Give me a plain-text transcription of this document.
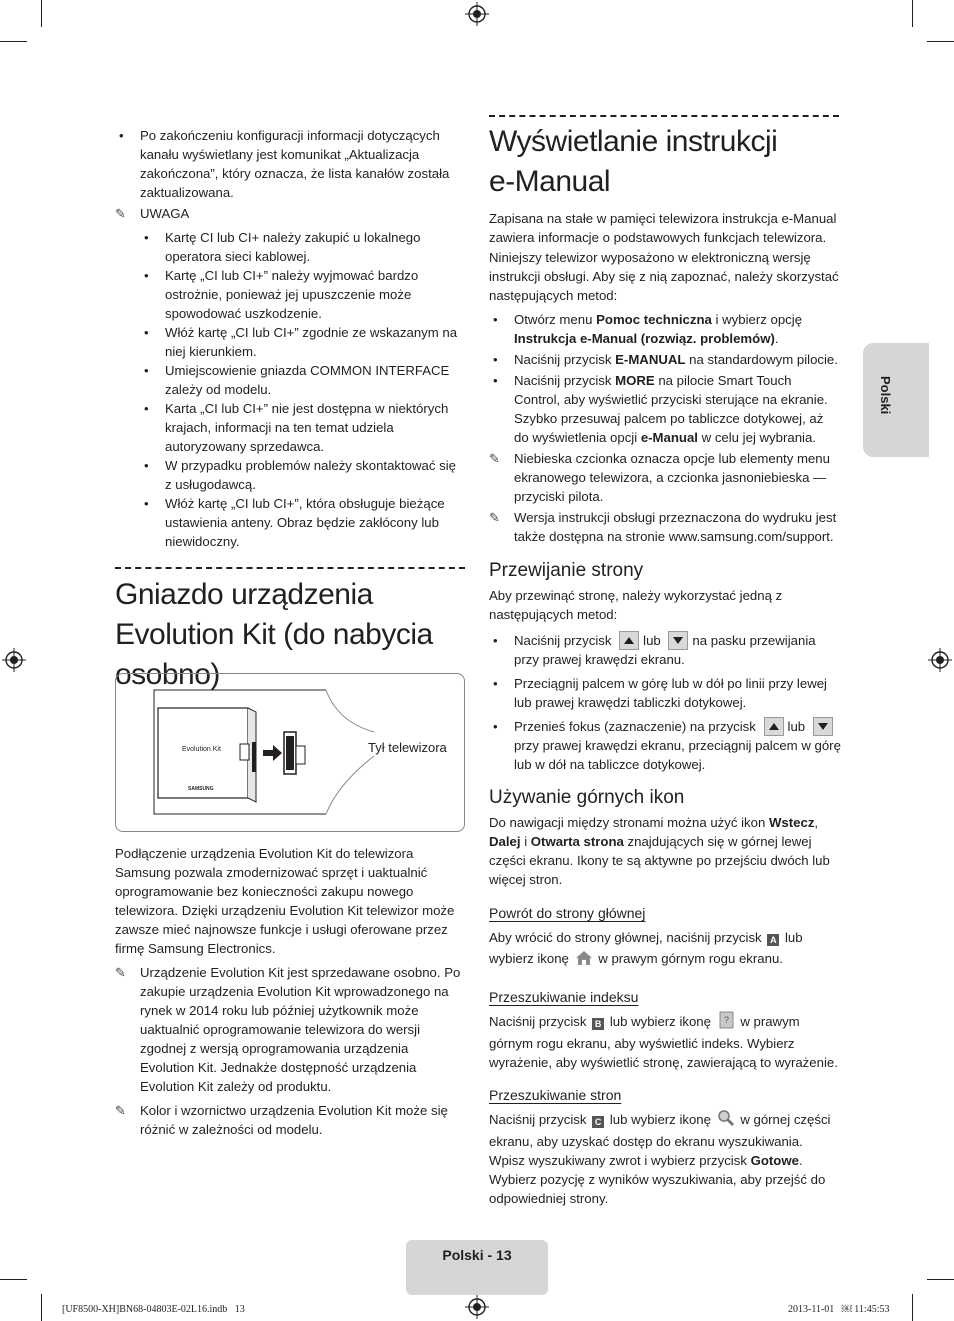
• Po zakończeniu konfiguracji informacji dotyczących kanału wyświetlany jest komunikat „Aktualizacja zakończona”, który oznacza, że lista kanałów została zaktualizowana.
✎ UWAGA
• Kartę CI lub CI+ należy zakupić u lokalnego operatora sieci kablowej.
• Kartę „CI lub CI+” należy wyjmować bardzo ostrożnie, ponieważ jej upuszczenie może spowodować uszkodzenie.
• Włóż kartę „CI lub CI+” zgodnie ze wskazanym na niej kierunkiem.
• Umiejscowienie gniazda COMMON INTERFACE zależy od modelu.
• Karta „CI lub CI+” nie jest dostępna w niektórych krajach, informacji na ten temat udziela autoryzowany sprzedawca.
• W przypadku problemów należy skontaktować się z usługodawcą.
• Włóż kartę „CI lub CI+”, która obsługuje bieżące ustawienia anteny. Obraz będzie zakłócony lub niewidoczny.
Gniazdo urządzenia Evolution Kit (do nabycia osobno)
Evolution Kit
SAMSUNG
Tył telewizora

Podłączenie urządzenia Evolution Kit do telewizora Samsung pozwala zmodernizować sprzęt i uaktualnić oprogramowanie bez konieczności zakupu nowego telewizora. Dzięki urządzeniu Evolution Kit telewizor może zawsze mieć najnowsze funkcje i usługi oferowane przez firmę Samsung Electronics.

✎ Urządzenie Evolution Kit jest sprzedawane osobno. Po zakupie urządzenia Evolution Kit wprowadzonego na rynek w 2014 roku lub później użytkownik może uaktualnić oprogramowanie telewizora do wersji zgodnej z wersją oprogramowania urządzenia Evolution Kit. Jednakże dostępność urządzenia Evolution Kit zależy od produktu.
✎ Kolor i wzornictwo urządzenia Evolution Kit może się różnić w zależności od modelu.
Wyświetlanie instrukcji e-Manual

Zapisana na stałe w pamięci telewizora instrukcja e-Manual zawiera informacje o podstawowych funkcjach telewizora.

Niniejszy telewizor wyposażono w elektroniczną wersję instrukcji obsługi. Aby się z nią zapoznać, należy skorzystać następujących metod:

• Otwórz menu Pomoc techniczna i wybierz opcję Instrukcja e-Manual (rozwiąz. problemów).
• Naciśnij przycisk E-MANUAL na standardowym pilocie.
• Naciśnij przycisk MORE na pilocie Smart Touch Control, aby wyświetlić przyciski sterujące na ekranie. Szybko przesuwaj palcem po tabliczce dotykowej, aż do wyświetlenia opcji e-Manual w celu jej wybrania.
✎ Niebieska czcionka oznacza opcje lub elementy menu ekranowego telewizora, a czcionka jasnoniebieska — przyciski pilota.
✎ Wersja instrukcji obsługi przeznaczona do wydruku jest także dostępna na stronie www.samsung.com/support.
Przewijanie strony

Aby przewinąć stronę, należy wykorzystać jedną z następujących metod:

• Naciśnij przycisk lub na pasku przewijania przy prawej krawędzi ekranu.
• Przeciągnij palcem w górę lub w dół po linii przy lewej lub prawej krawędzi tabliczki dotykowej.
• Przenieś fokus (zaznaczenie) na przycisk lub przy prawej krawędzi ekranu, przeciągnij palcem w górę lub w dół na tabliczce dotykowej.
Używanie górnych ikon

Do nawigacji między stronami można użyć ikon Wstecz, Dalej i Otwarta strona znajdujących się w górnej lewej części ekranu. Ikony te są aktywne po przejściu dwóch lub więcej stron.

Powrót do strony głównej

Aby wrócić do strony głównej, naciśnij przycisk A lub wybierz ikonę w prawym górnym rogu ekranu.

Przeszukiwanie indeksu

Naciśnij przycisk B lub wybierz ikonę ? w prawym górnym rogu ekranu, aby wyświetlić indeks. Wybierz wyrażenie, aby wyświetlić stronę, zawierającą to wyrażenie.

Przeszukiwanie stron

Naciśnij przycisk C lub wybierz ikonę w górnej części ekranu, aby uzyskać dostęp do ekranu wyszukiwania. Wpisz wyszukiwany zwrot i wybierz przycisk Gotowe. Wybierz pozycję z wyników wyszukiwania, aby przejść do odpowiedniej strony.

Polski
Polski - 13
[UF8500-XH]BN68-04803E-02L16.indb   13	2013-11-01   ￼ 11:45:53
